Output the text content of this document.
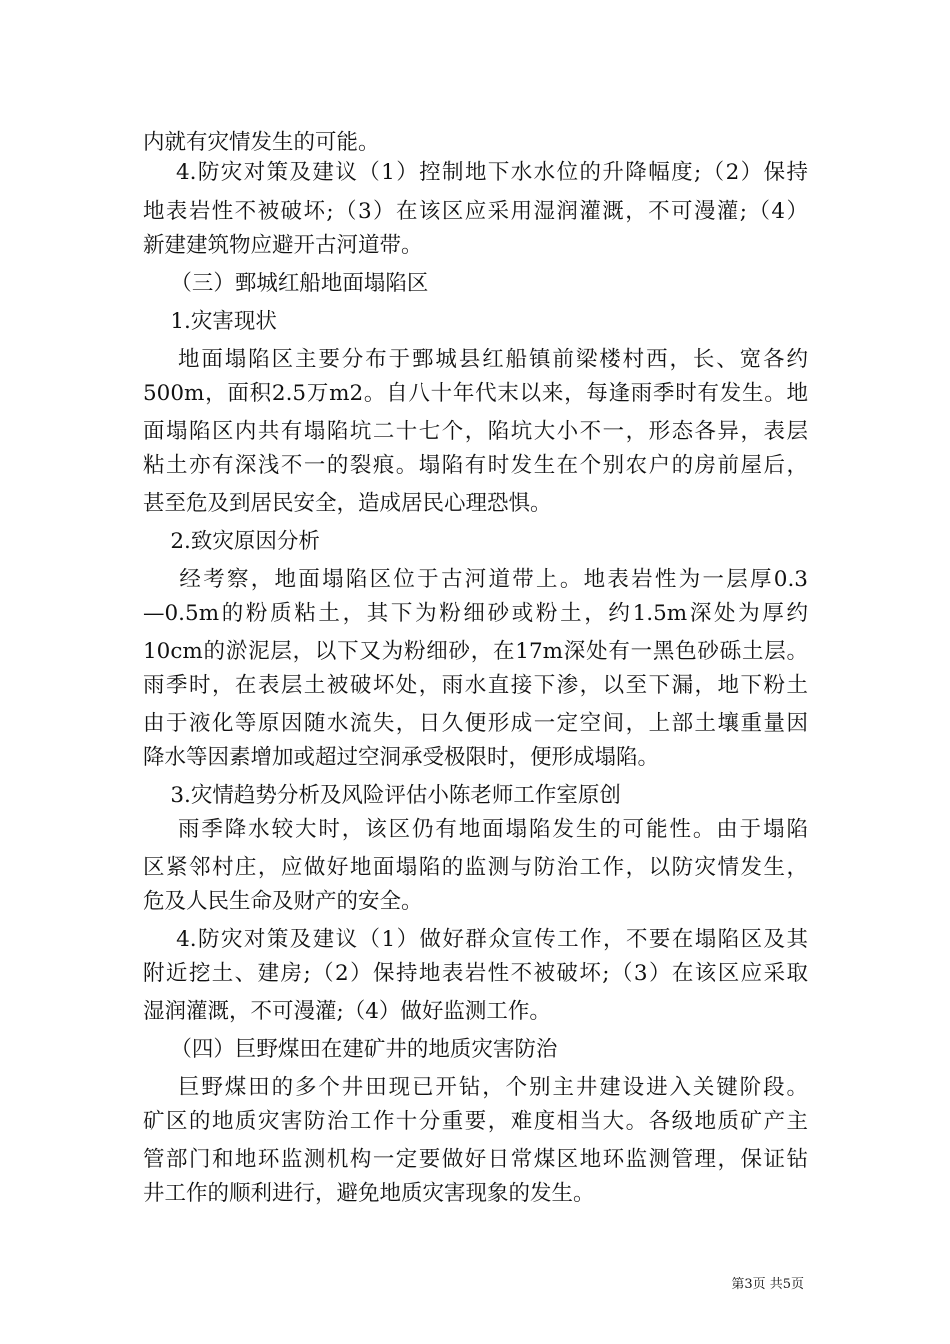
内就有灾情发生的可能。
4.防灾对策及建议（1）控制地下水水位的升降幅度;（2）保持
地表岩性不被破坏;（3）在该区应采用湿润灌溉，不可漫灌;（4）
新建建筑物应避开古河道带。
（三）鄄城红船地面塌陷区
1.灾害现状
地面塌陷区主要分布于鄄城县红船镇前梁楼村西，长、宽各约
500m，面积2.5万m2。自八十年代末以来，每逢雨季时有发生。地
面塌陷区内共有塌陷坑二十七个，陷坑大小不一，形态各异，表层
粘土亦有深浅不一的裂痕。塌陷有时发生在个别农户的房前屋后，
甚至危及到居民安全，造成居民心理恐惧。
2.致灾原因分析
经考察，地面塌陷区位于古河道带上。地表岩性为一层厚0.3
—0.5m的粉质粘土，其下为粉细砂或粉土，约1.5m深处为厚约
10cm的淤泥层，以下又为粉细砂，在17m深处有一黑色砂砾土层。
雨季时，在表层土被破坏处，雨水直接下渗，以至下漏，地下粉土
由于液化等原因随水流失，日久便形成一定空间，上部土壤重量因
降水等因素增加或超过空洞承受极限时，便形成塌陷。
3.灾情趋势分析及风险评估小陈老师工作室原创
雨季降水较大时，该区仍有地面塌陷发生的可能性。由于塌陷
区紧邻村庄，应做好地面塌陷的监测与防治工作，以防灾情发生，
危及人民生命及财产的安全。
4.防灾对策及建议（1）做好群众宣传工作，不要在塌陷区及其
附近挖土、建房;（2）保持地表岩性不被破坏;（3）在该区应采取
湿润灌溉，不可漫灌;（4）做好监测工作。
（四）巨野煤田在建矿井的地质灾害防治
巨野煤田的多个井田现已开钻，个别主井建设进入关键阶段。
矿区的地质灾害防治工作十分重要，难度相当大。各级地质矿产主
管部门和地环监测机构一定要做好日常煤区地环监测管理，保证钻
井工作的顺利进行，避免地质灾害现象的发生。
第3页 共5页
